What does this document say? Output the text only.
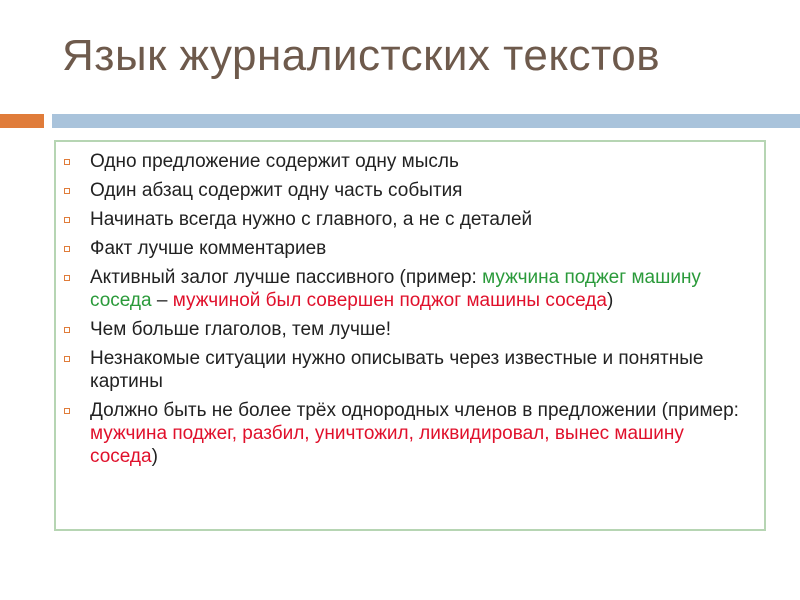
Язык журналистских текстов
Одно предложение содержит одну мысль
Один абзац содержит одну часть события
Начинать всегда нужно с главного, а не с деталей
Факт лучше комментариев
Активный залог лучше пассивного (пример: мужчина поджег машину соседа – мужчиной был совершен поджог машины соседа)
Чем больше глаголов, тем лучше!
Незнакомые ситуации нужно описывать через известные и понятные картины
Должно быть не более трёх однородных членов в предложении (пример: мужчина поджег, разбил, уничтожил, ликвидировал, вынес машину соседа)
